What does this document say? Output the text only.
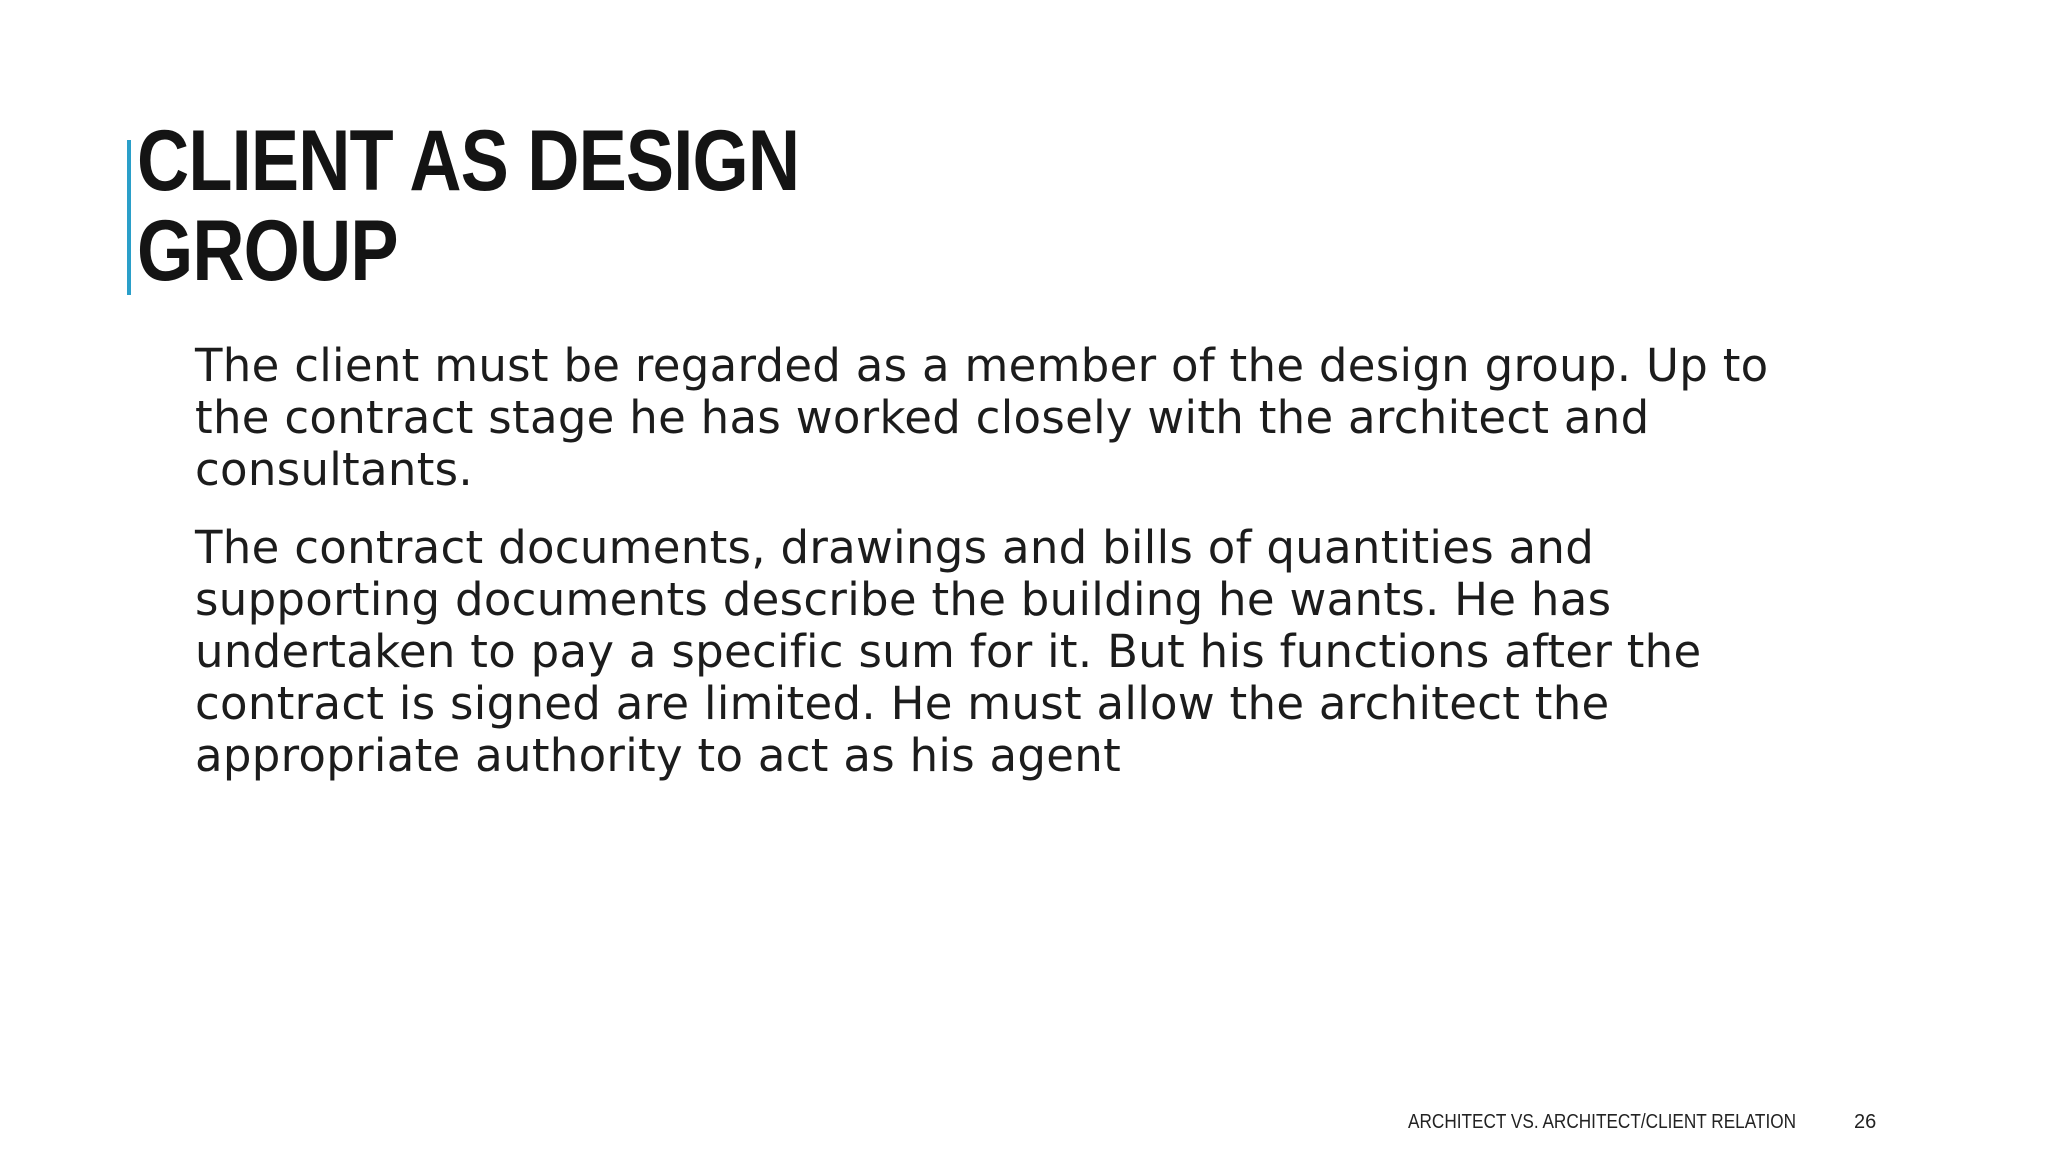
CLIENT AS DESIGN
GROUP

The client must be regarded as a member of the design group. Up to the contract stage he has worked closely with the architect and consultants.

The contract documents, drawings and bills of quantities and supporting documents describe the building he wants. He has undertaken to pay a specific sum for it. But his functions after the contract is signed are limited. He must allow the architect the appropriate authority to act as his agent

ARCHITECT VS. ARCHITECT/CLIENT RELATION	26
